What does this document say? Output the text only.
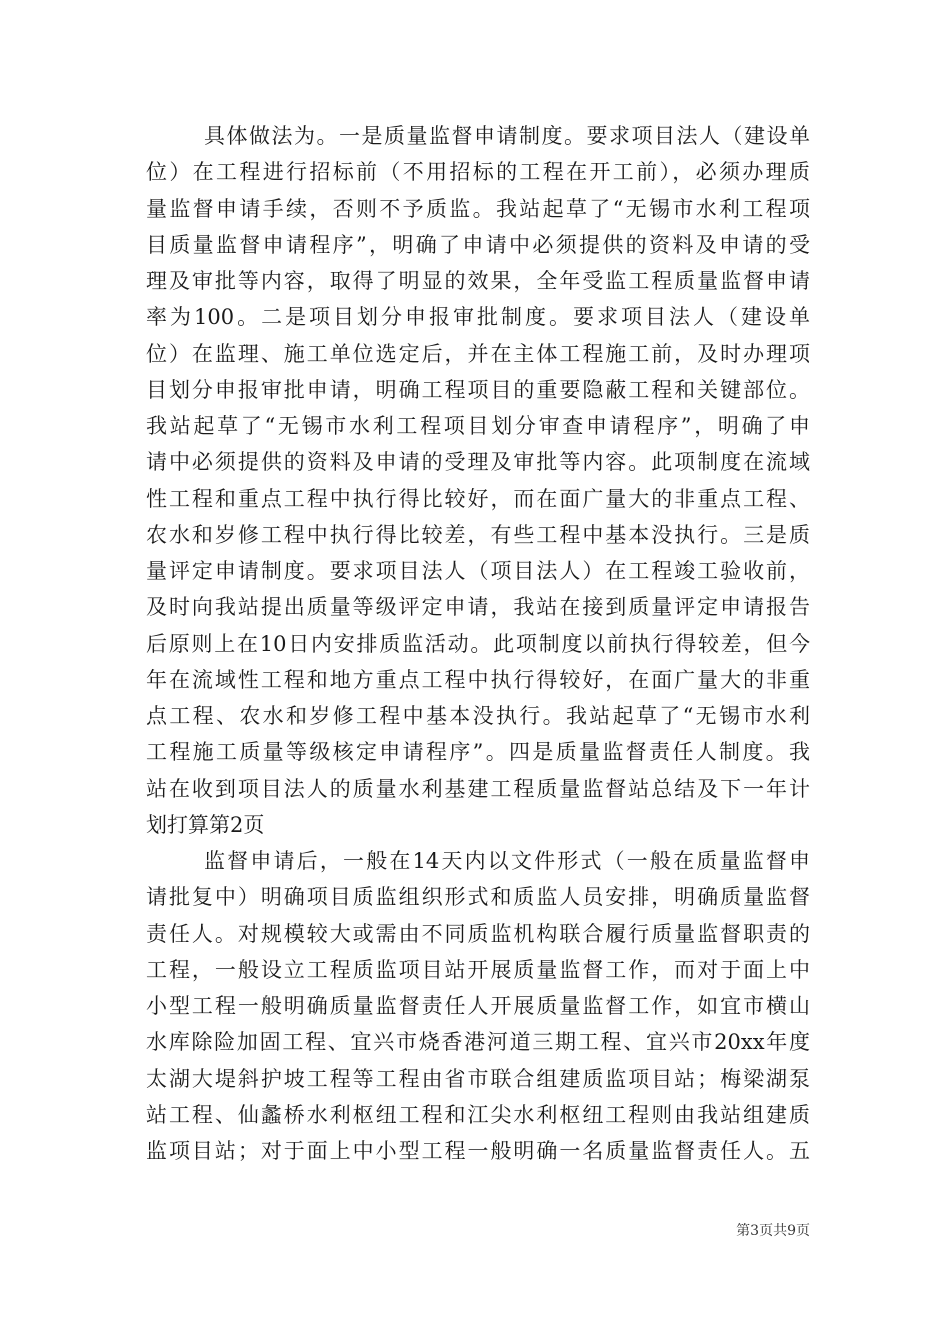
具体做法为。一是质量监督申请制度。要求项目法人（建设单
位）在工程进行招标前（不用招标的工程在开工前），必须办理质
量监督申请手续，否则不予质监。我站起草了“无锡市水利工程项
目质量监督申请程序”，明确了申请中必须提供的资料及申请的受
理及审批等内容，取得了明显的效果，全年受监工程质量监督申请
率为100。二是项目划分申报审批制度。要求项目法人（建设单
位）在监理、施工单位选定后，并在主体工程施工前，及时办理项
目划分申报审批申请，明确工程项目的重要隐蔽工程和关键部位。
我站起草了“无锡市水利工程项目划分审查申请程序”，明确了申
请中必须提供的资料及申请的受理及审批等内容。此项制度在流域
性工程和重点工程中执行得比较好，而在面广量大的非重点工程、
农水和岁修工程中执行得比较差，有些工程中基本没执行。三是质
量评定申请制度。要求项目法人（项目法人）在工程竣工验收前，
及时向我站提出质量等级评定申请，我站在接到质量评定申请报告
后原则上在10日内安排质监活动。此项制度以前执行得较差，但今
年在流域性工程和地方重点工程中执行得较好，在面广量大的非重
点工程、农水和岁修工程中基本没执行。我站起草了“无锡市水利
工程施工质量等级核定申请程序”。四是质量监督责任人制度。我
站在收到项目法人的质量水利基建工程质量监督站总结及下一年计
划打算第2页
监督申请后，一般在14天内以文件形式（一般在质量监督申
请批复中）明确项目质监组织形式和质监人员安排，明确质量监督
责任人。对规模较大或需由不同质监机构联合履行质量监督职责的
工程，一般设立工程质监项目站开展质量监督工作，而对于面上中
小型工程一般明确质量监督责任人开展质量监督工作，如宜市横山
水库除险加固工程、宜兴市烧香港河道三期工程、宜兴市20xx年度
太湖大堤斜护坡工程等工程由省市联合组建质监项目站；梅梁湖泵
站工程、仙蠡桥水利枢纽工程和江尖水利枢纽工程则由我站组建质
监项目站；对于面上中小型工程一般明确一名质量监督责任人。五
第3页共9页
